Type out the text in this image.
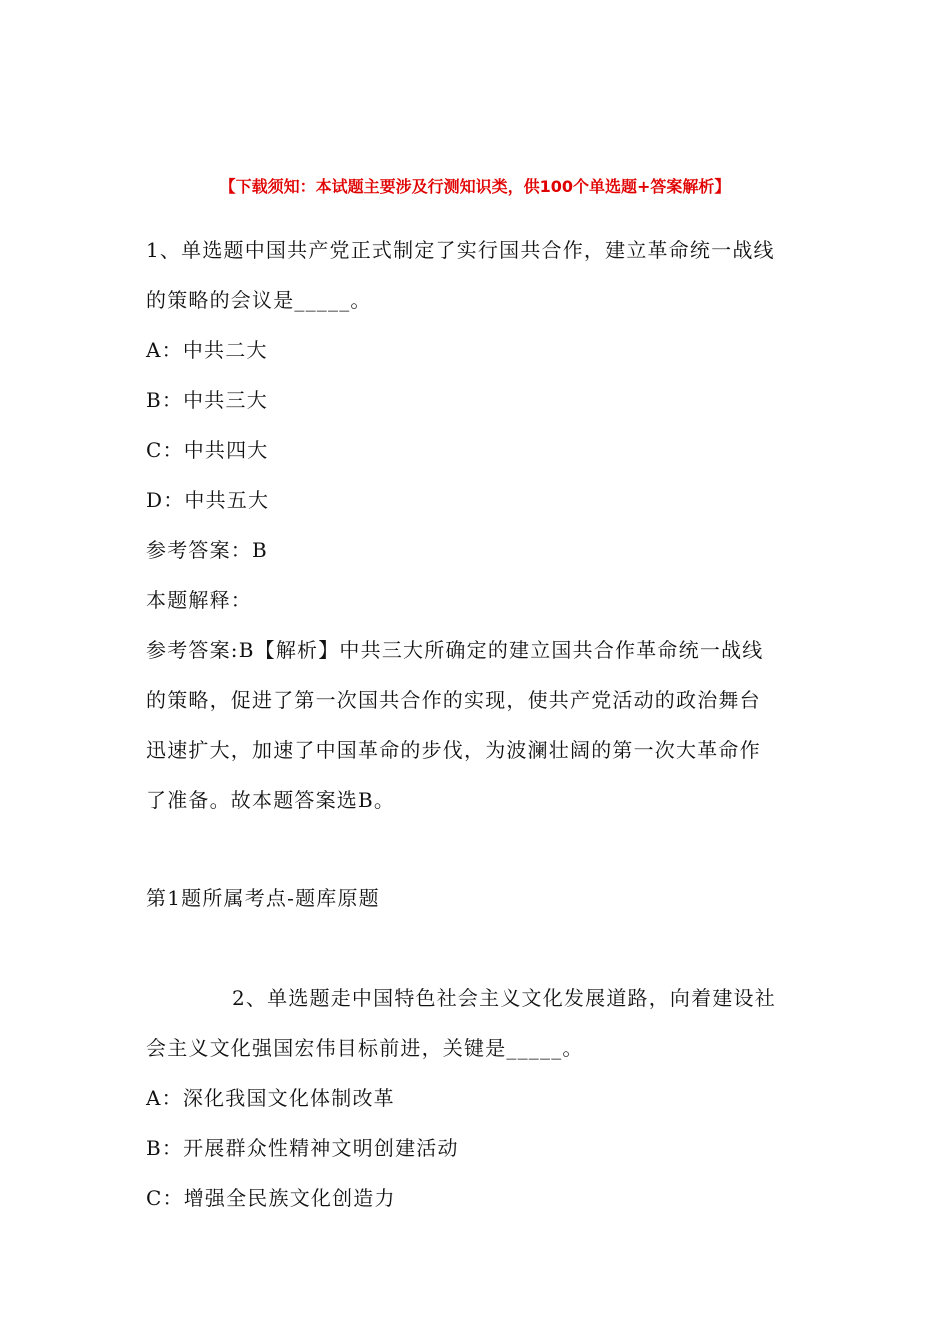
【下载须知：本试题主要涉及行测知识类，供100个单选题+答案解析】
1、单选题中国共产党正式制定了实行国共合作，建立革命统一战线
的策略的会议是_____。
A：中共二大
B：中共三大
C：中共四大
D：中共五大
参考答案：B
本题解释：
参考答案:B【解析】中共三大所确定的建立国共合作革命统一战线
的策略，促进了第一次国共合作的实现，使共产党活动的政治舞台
迅速扩大，加速了中国革命的步伐，为波澜壮阔的第一次大革命作
了准备。故本题答案选B。
第1题所属考点-题库原题
2、单选题走中国特色社会主义文化发展道路，向着建设社
会主义文化强国宏伟目标前进，关键是_____。
A：深化我国文化体制改革
B：开展群众性精神文明创建活动
C：增强全民族文化创造力
